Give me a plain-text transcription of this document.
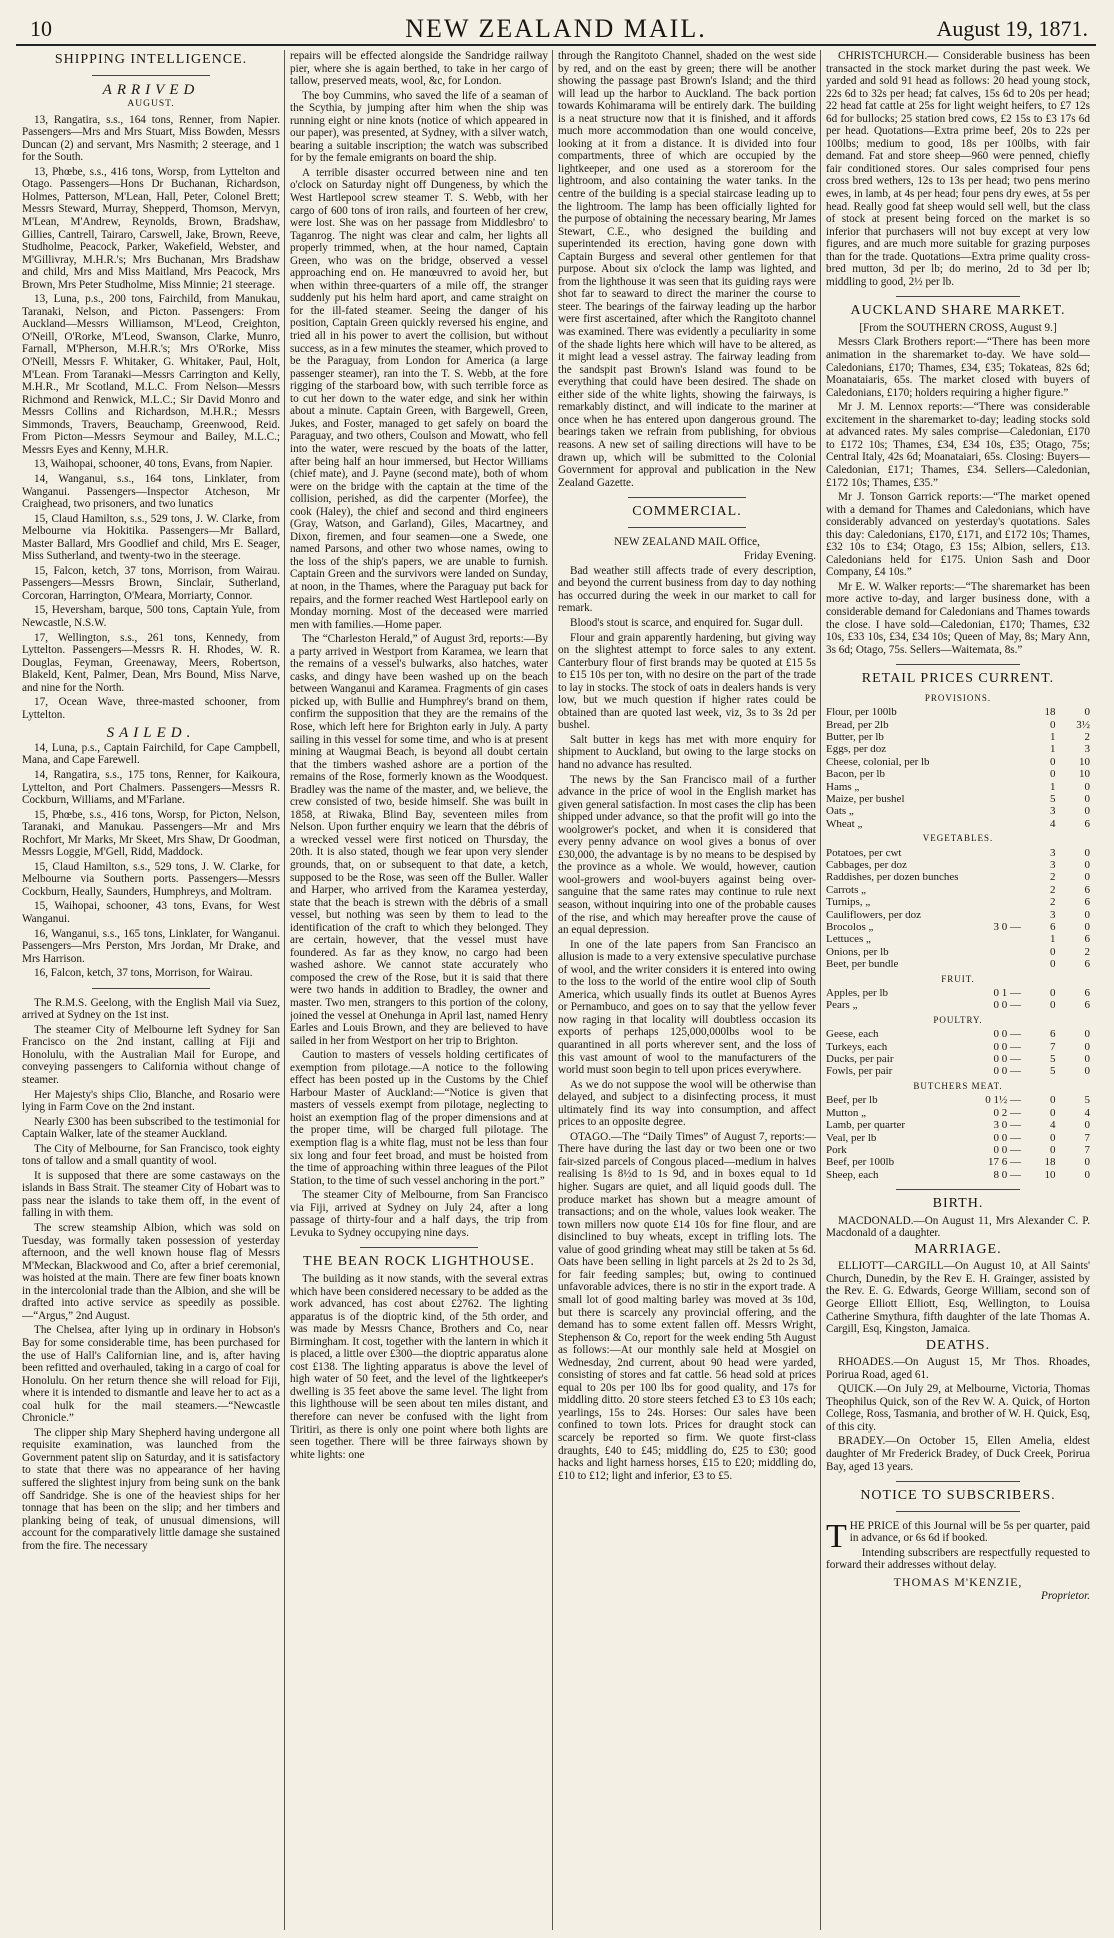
10	NEW ZEALAND MAIL.	August 19, 1871.

SHIPPING INTELLIGENCE.

ARRIVED

AUGUST.

13, Rangatira, s.s., 164 tons, Renner, from Napier. Passengers—Mrs and Mrs Stuart, Miss Bowden, Messrs Duncan (2) and servant, Mrs Nasmith; 2 steerage, and 1 for the South.

13, Phœbe, s.s., 416 tons, Worsp, from Lyttelton and Otago. Passengers—Hons Dr Buchanan, Richardson, Holmes, Patterson, M'Lean, Hall, Peter, Colonel Brett; Messrs Steward, Murray, Shepperd, Thomson, Mervyn, M'Lean, M'Andrew, Reynolds, Brown, Bradshaw, Gillies, Cantrell, Tairaro, Carswell, Jake, Brown, Reeve, Studholme, Peacock, Parker, Wakefield, Webster, and M'Gillivray, M.H.R.'s; Mrs Buchanan, Mrs Bradshaw and child, Mrs and Miss Maitland, Mrs Peacock, Mrs Brown, Mrs Peter Studholme, Miss Minnie; 21 steerage.

13, Luna, p.s., 200 tons, Fairchild, from Manukau, Taranaki, Nelson, and Picton. Passengers: From Auckland—Messrs Williamson, M'Leod, Creighton, O'Neill, O'Rorke, M'Leod, Swanson, Clarke, Munro, Farnall, M'Pherson, M.H.R.'s; Mrs O'Rorke, Miss O'Neill, Messrs F. Whitaker, G. Whitaker, Paul, Holt, M'Lean. From Taranaki—Messrs Carrington and Kelly, M.H.R., Mr Scotland, M.L.C. From Nelson—Messrs Richmond and Renwick, M.L.C.; Sir David Monro and Messrs Collins and Richardson, M.H.R.; Messrs Simmonds, Travers, Beauchamp, Greenwood, Reid. From Picton—Messrs Seymour and Bailey, M.L.C.; Messrs Eyes and Kenny, M.H.R.

13, Waihopai, schooner, 40 tons, Evans, from Napier.

14, Wanganui, s.s., 164 tons, Linklater, from Wanganui. Passengers—Inspector Atcheson, Mr Craighead, two prisoners, and two lunatics

15, Claud Hamilton, s.s., 529 tons, J. W. Clarke, from Melbourne via Hokitika. Passengers—Mr Ballard, Master Ballard, Mrs Goodlief and child, Mrs E. Seager, Miss Sutherland, and twenty-two in the steerage.

15, Falcon, ketch, 37 tons, Morrison, from Wairau. Passengers—Messrs Brown, Sinclair, Sutherland, Corcoran, Harrington, O'Meara, Morriarty, Connor.

15, Heversham, barque, 500 tons, Captain Yule, from Newcastle, N.S.W.

17, Wellington, s.s., 261 tons, Kennedy, from Lyttelton. Passengers—Messrs R. H. Rhodes, W. R. Douglas, Feyman, Greenaway, Meers, Robertson, Blakeld, Kent, Palmer, Dean, Mrs Bound, Miss Narve, and nine for the North.

17, Ocean Wave, three-masted schooner, from Lyttelton.

SAILED.

14, Luna, p.s., Captain Fairchild, for Cape Campbell, Mana, and Cape Farewell.

14, Rangatira, s.s., 175 tons, Renner, for Kaikoura, Lyttelton, and Port Chalmers. Passengers—Messrs R. Cockburn, Williams, and M'Farlane.

15, Phœbe, s.s., 416 tons, Worsp, for Picton, Nelson, Taranaki, and Manukau. Passengers—Mr and Mrs Rochfort, Mr Marks, Mr Skeet, Mrs Shaw, Dr Goodman, Messrs Loggie, M'Gell, Ridd, Maddock.

15, Claud Hamilton, s.s., 529 tons, J. W. Clarke, for Melbourne via Southern ports. Passengers—Messrs Cockburn, Heally, Saunders, Humphreys, and Moltram.

15, Waihopai, schooner, 43 tons, Evans, for West Wanganui.

16, Wanganui, s.s., 165 tons, Linklater, for Wanganui. Passengers—Mrs Perston, Mrs Jordan, Mr Drake, and Mrs Harrison.

16, Falcon, ketch, 37 tons, Morrison, for Wairau.

The R.M.S. Geelong, with the English Mail via Suez, arrived at Sydney on the 1st inst.

The steamer City of Melbourne left Sydney for San Francisco on the 2nd instant, calling at Fiji and Honolulu, with the Australian Mail for Europe, and conveying passengers to California without change of steamer.

Her Majesty's ships Clio, Blanche, and Rosario were lying in Farm Cove on the 2nd instant.

Nearly £300 has been subscribed to the testimonial for Captain Walker, late of the steamer Auckland.

The City of Melbourne, for San Francisco, took eighty tons of tallow and a small quantity of wool.

It is supposed that there are some castaways on the islands in Bass Strait. The steamer City of Hobart was to pass near the islands to take them off, in the event of falling in with them.

The screw steamship Albion, which was sold on Tuesday, was formally taken possession of yesterday afternoon, and the well known house flag of Messrs M'Meckan, Blackwood and Co, after a brief ceremonial, was hoisted at the main. There are few finer boats known in the intercolonial trade than the Albion, and she will be drafted into active service as speedily as possible.—“Argus,” 2nd August.

The Chelsea, after lying up in ordinary in Hobson's Bay for some considerable time, has been purchased for the use of Hall's Californian line, and is, after having been refitted and overhauled, taking in a cargo of coal for Honolulu. On her return thence she will reload for Fiji, where it is intended to dismantle and leave her to act as a coal hulk for the mail steamers.—“Newcastle Chronicle.”

The clipper ship Mary Shepherd having undergone all requisite examination, was launched from the Government patent slip on Saturday, and it is satisfactory to state that there was no appearance of her having suffered the slightest injury from being sunk on the bank off Sandridge. She is one of the heaviest ships for her tonnage that has been on the slip; and her timbers and planking being of teak, of unusual dimensions, will account for the comparatively little damage she sustained from the fire. The necessary

repairs will be effected alongside the Sandridge railway pier, where she is again berthed, to take in her cargo of tallow, preserved meats, wool, &c, for London.

The boy Cummins, who saved the life of a seaman of the Scythia, by jumping after him when the ship was running eight or nine knots (notice of which appeared in our paper), was presented, at Sydney, with a silver watch, bearing a suitable inscription; the watch was subscribed for by the female emigrants on board the ship.

A terrible disaster occurred between nine and ten o'clock on Saturday night off Dungeness, by which the West Hartlepool screw steamer T. S. Webb, with her cargo of 600 tons of iron rails, and fourteen of her crew, were lost. She was on her passage from Middlesbro' to Taganrog. The night was clear and calm, her lights all properly trimmed, when, at the hour named, Captain Green, who was on the bridge, observed a vessel approaching end on. He manœuvred to avoid her, but when within three-quarters of a mile off, the stranger suddenly put his helm hard aport, and came straight on for the ill-fated steamer. Seeing the danger of his position, Captain Green quickly reversed his engine, and tried all in his power to avert the collision, but without success, as in a few minutes the steamer, which proved to be the Paraguay, from London for America (a large passenger steamer), ran into the T. S. Webb, at the fore rigging of the starboard bow, with such terrible force as to cut her down to the water edge, and sink her within about a minute. Captain Green, with Bargewell, Green, Jukes, and Foster, managed to get safely on board the Paraguay, and two others, Coulson and Mowatt, who fell into the water, were rescued by the boats of the latter, after being half an hour immersed, but Hector Williams (chief mate), and J. Payne (second mate), both of whom were on the bridge with the captain at the time of the collision, perished, as did the carpenter (Morfee), the cook (Haley), the chief and second and third engineers (Gray, Watson, and Garland), Giles, Macartney, and Dixon, firemen, and four seamen—one a Swede, one named Parsons, and other two whose names, owing to the loss of the ship's papers, we are unable to furnish. Captain Green and the survivors were landed on Sunday, at noon, in the Thames, where the Paraguay put back for repairs, and the former reached West Hartlepool early on Monday morning. Most of the deceased were married men with families.—Home paper.

The “Charleston Herald,” of August 3rd, reports:—By a party arrived in Westport from Karamea, we learn that the remains of a vessel's bulwarks, also hatches, water casks, and dingy have been washed up on the beach between Wanganui and Karamea. Fragments of gin cases picked up, with Bullie and Humphrey's brand on them, confirm the supposition that they are the remains of the Rose, which left here for Brighton early in July. A party sailing in this vessel for some time, and who is at present mining at Waugmai Beach, is beyond all doubt certain that the timbers washed ashore are a portion of the remains of the Rose, formerly known as the Woodquest. Bradley was the name of the master, and, we believe, the crew consisted of two, beside himself. She was built in 1858, at Riwaka, Blind Bay, seventeen miles from Nelson. Upon further enquiry we learn that the débris of a wrecked vessel were first noticed on Thursday, the 20th. It is also stated, though we fear upon very slender grounds, that, on or subsequent to that date, a ketch, supposed to be the Rose, was seen off the Buller. Waller and Harper, who arrived from the Karamea yesterday, state that the beach is strewn with the débris of a small vessel, but nothing was seen by them to lead to the identification of the craft to which they belonged. They are certain, however, that the vessel must have foundered. As far as they know, no cargo had been washed ashore. We cannot state accurately who composed the crew of the Rose, but it is said that there were two hands in addition to Bradley, the owner and master. Two men, strangers to this portion of the colony, joined the vessel at Onehunga in April last, named Henry Earles and Louis Brown, and they are believed to have sailed in her from Westport on her trip to Brighton.

Caution to masters of vessels holding certificates of exemption from pilotage.—A notice to the following effect has been posted up in the Customs by the Chief Harbour Master of Auckland:—“Notice is given that masters of vessels exempt from pilotage, neglecting to hoist an exemption flag of the proper dimensions and at the proper time, will be charged full pilotage. The exemption flag is a white flag, must not be less than four six long and four feet broad, and must be hoisted from the time of approaching within three leagues of the Pilot Station, to the time of such vessel anchoring in the port.”

The steamer City of Melbourne, from San Francisco via Fiji, arrived at Sydney on July 24, after a long passage of thirty-four and a half days, the trip from Levuka to Sydney occupying nine days.

THE BEAN ROCK LIGHTHOUSE.

The building as it now stands, with the several extras which have been considered necessary to be added as the work advanced, has cost about £2762. The lighting apparatus is of the dioptric kind, of the 5th order, and was made by Messrs Chance, Brothers and Co, near Birmingham. It cost, together with the lantern in which it is placed, a little over £300—the dioptric apparatus alone cost £138. The lighting apparatus is above the level of high water of 50 feet, and the level of the lightkeeper's dwelling is 35 feet above the same level. The light from this lighthouse will be seen about ten miles distant, and therefore can never be confused with the light from Tiritiri, as there is only one point where both lights are seen together. There will be three fairways shown by white lights: one

through the Rangitoto Channel, shaded on the west side by red, and on the east by green; there will be another showing the passage past Brown's Island; and the third will lead up the harbor to Auckland. The back portion towards Kohimarama will be entirely dark. The building is a neat structure now that it is finished, and it affords much more accommodation than one would conceive, looking at it from a distance. It is divided into four compartments, three of which are occupied by the lightkeeper, and one used as a storeroom for the lightroom, and also containing the water tanks. In the centre of the building is a special staircase leading up to the lightroom. The lamp has been officially lighted for the purpose of obtaining the necessary bearing, Mr James Stewart, C.E., who designed the building and superintended its erection, having gone down with Captain Burgess and several other gentlemen for that purpose. About six o'clock the lamp was lighted, and from the lighthouse it was seen that its guiding rays were shot far to seaward to direct the mariner the course to steer. The bearings of the fairway leading up the harbor were first ascertained, after which the Rangitoto channel was examined. There was evidently a peculiarity in some of the shade lights here which will have to be altered, as it might lead a vessel astray. The fairway leading from the sandspit past Brown's Island was found to be everything that could have been desired. The shade on either side of the white lights, showing the fairways, is remarkably distinct, and will indicate to the mariner at once when he has entered upon dangerous ground. The bearings taken we refrain from publishing, for obvious reasons. A new set of sailing directions will have to be drawn up, which will be submitted to the Colonial Government for approval and publication in the New Zealand Gazette.

COMMERCIAL.

NEW ZEALAND MAIL Office,

Friday Evening.

Bad weather still affects trade of every description, and beyond the current business from day to day nothing has occurred during the week in our market to call for remark.

Blood's stout is scarce, and enquired for. Sugar dull.

Flour and grain apparently hardening, but giving way on the slightest attempt to force sales to any extent. Canterbury flour of first brands may be quoted at £15 5s to £15 10s per ton, with no desire on the part of the trade to lay in stocks. The stock of oats in dealers hands is very low, but we much question if higher rates could be obtained than are quoted last week, viz, 3s to 3s 2d per bushel.

Salt butter in kegs has met with more enquiry for shipment to Auckland, but owing to the large stocks on hand no advance has resulted.

The news by the San Francisco mail of a further advance in the price of wool in the English market has given general satisfaction. In most cases the clip has been shipped under advance, so that the profit will go into the woolgrower's pocket, and when it is considered that every penny advance on wool gives a bonus of over £30,000, the advantage is by no means to be despised by the province as a whole. We would, however, caution wool-growers and wool-buyers against being over-sanguine that the same rates may continue to rule next season, without inquiring into one of the probable causes of the rise, and which may hereafter prove the cause of an equal depression.

In one of the late papers from San Francisco an allusion is made to a very extensive speculative purchase of wool, and the writer considers it is entered into owing to the loss to the world of the entire wool clip of South America, which usually finds its outlet at Buenos Ayres or Pernambuco, and goes on to say that the yellow fever now raging in that locality will doubtless occasion its exports of perhaps 125,000,000lbs wool to be quarantined in all ports wherever sent, and the loss of this vast amount of wool to the manufacturers of the world must soon begin to tell upon prices everywhere.

As we do not suppose the wool will be otherwise than delayed, and subject to a disinfecting process, it must ultimately find its way into consumption, and affect prices to an opposite degree.

OTAGO.—The “Daily Times” of August 7, reports:—There have during the last day or two been one or two fair-sized parcels of Congous placed—medium in halves realising 1s 8½d to 1s 9d, and in boxes equal to 1d higher. Sugars are quiet, and all liquid goods dull. The produce market has shown but a meagre amount of transactions; and on the whole, values look weaker. The town millers now quote £14 10s for fine flour, and are disinclined to buy wheats, except in trifling lots. The value of good grinding wheat may still be taken at 5s 6d. Oats have been selling in light parcels at 2s 2d to 2s 3d, for fair feeding samples; but, owing to continued unfavorable advices, there is no stir in the export trade. A small lot of good malting barley was moved at 3s 10d, but there is scarcely any provincial offering, and the demand has to some extent fallen off. Messrs Wright, Stephenson & Co, report for the week ending 5th August as follows:—At our monthly sale held at Mosgiel on Wednesday, 2nd current, about 90 head were yarded, consisting of stores and fat cattle. 56 head sold at prices equal to 20s per 100 lbs for good quality, and 17s for middling ditto. 20 store steers fetched £3 to £3 10s each; yearlings, 15s to 24s. Horses: Our sales have been confined to town lots. Prices for draught stock can scarcely be reported so firm. We quote first-class draughts, £40 to £45; middling do, £25 to £30; good hacks and light harness horses, £15 to £20; middling do, £10 to £12; light and inferior, £3 to £5.

CHRISTCHURCH.— Considerable business has been transacted in the stock market during the past week. We yarded and sold 91 head as follows: 20 head young stock, 22s 6d to 32s per head; fat calves, 15s 6d to 20s per head; 22 head fat cattle at 25s for light weight heifers, to £7 12s 6d for bullocks; 25 station bred cows, £2 15s to £3 17s 6d per head. Quotations—Extra prime beef, 20s to 22s per 100lbs; medium to good, 18s per 100lbs, with fair demand. Fat and store sheep—960 were penned, chiefly fair conditioned stores. Our sales comprised four pens cross bred wethers, 12s to 13s per head; two pens merino ewes, in lamb, at 4s per head; four pens dry ewes, at 5s per head. Really good fat sheep would sell well, but the class of stock at present being forced on the market is so inferior that purchasers will not buy except at very low figures, and are much more suitable for grazing purposes than for the trade. Quotations—Extra prime quality cross-bred mutton, 3d per lb; do merino, 2d to 3d per lb; middling to good, 2½ per lb.

AUCKLAND SHARE MARKET.

[From the SOUTHERN CROSS, August 9.]

Messrs Clark Brothers report:—“There has been more animation in the sharemarket to-day. We have sold—Caledonians, £170; Thames, £34, £35; Tokateas, 82s 6d; Moanataiaris, 65s. The market closed with buyers of Caledonians, £170; holders requiring a higher figure.”

Mr J. M. Lennox reports:—“There was considerable excitement in the sharemarket to-day; leading stocks sold at advanced rates. My sales comprise—Caledonian, £170 to £172 10s; Thames, £34, £34 10s, £35; Otago, 75s; Central Italy, 42s 6d; Moanataiari, 65s. Closing: Buyers—Caledonian, £171; Thames, £34. Sellers—Caledonian, £172 10s; Thames, £35.”

Mr J. Tonson Garrick reports:—“The market opened with a demand for Thames and Caledonians, which have considerably advanced on yesterday's quotations. Sales this day: Caledonians, £170, £171, and £172 10s; Thames, £32 10s to £34; Otago, £3 15s; Albion, sellers, £13. Caledonians held for £175. Union Sash and Door Company, £4 10s.”

Mr E. W. Walker reports:—“The sharemarket has been more active to-day, and larger business done, with a considerable demand for Caledonians and Thames towards the close. I have sold—Caledonian, £170; Thames, £32 10s, £33 10s, £34, £34 10s; Queen of May, 8s; Mary Ann, 3s 6d; Otago, 75s. Sellers—Waitemata, 8s.”

RETAIL PRICES CURRENT.

PROVISIONS.			
Flour, per 100lb		18	0
Bread, per 2lb		0	3½
Butter, per lb		1	2
Eggs, per doz		1	3
Cheese, colonial, per lb		0	10
Bacon, per lb		0	10
Hams „		1	0
Maize, per bushel		5	0
Oats „		3	0
Wheat „		4	6
VEGETABLES.			
Potatoes, per cwt		3	0
Cabbages, per doz		3	0
Raddishes, per dozen bunches		2	0
Carrots „		2	6
Turnips, „		2	6
Cauliflowers, per doz		3	0
Brocolos „	3 0 —	6	0
Lettuces „		1	6
Onions, per lb		0	2
Beet, per bundle		0	6
FRUIT.			
Apples, per lb	0 1 —	0	6
Pears „	0 0 —	0	6
POULTRY.			
Geese, each	0 0 —	6	0
Turkeys, each	0 0 —	7	0
Ducks, per pair	0 0 —	5	0
Fowls, per pair	0 0 —	5	0
BUTCHERS MEAT.			
Beef, per lb	0 1½ —	0	5
Mutton „	0 2 —	0	4
Lamb, per quarter	3 0 —	4	0
Veal, per lb	0 0 —	0	7
Pork	0 0 —	0	7
Beef, per 100lb	17 6 —	18	0
Sheep, each	8 0 —	10	0

BIRTH.

MACDONALD.—On August 11, Mrs Alexander C. P. Macdonald of a daughter.

MARRIAGE.

ELLIOTT—CARGILL—On August 10, at All Saints' Church, Dunedin, by the Rev E. H. Grainger, assisted by the Rev. E. G. Edwards, George William, second son of George Elliott Elliott, Esq, Wellington, to Louisa Catherine Smythura, fifth daughter of the late Thomas A. Cargill, Esq, Kingston, Jamaica.

DEATHS.

RHOADES.—On August 15, Mr Thos. Rhoades, Porirua Road, aged 61.

QUICK.—On July 29, at Melbourne, Victoria, Thomas Theophilus Quick, son of the Rev W. A. Quick, of Horton College, Ross, Tasmania, and brother of W. H. Quick, Esq, of this city.

BRADEY.—On October 15, Ellen Amelia, eldest daughter of Mr Frederick Bradey, of Duck Creek, Porirua Bay, aged 13 years.

NOTICE TO SUBSCRIBERS.

THE PRICE of this Journal will be 5s per quarter, paid in advance, or 6s 6d if booked.

Intending subscribers are respectfully requested to forward their addresses without delay.

THOMAS M'KENZIE,

Proprietor.
